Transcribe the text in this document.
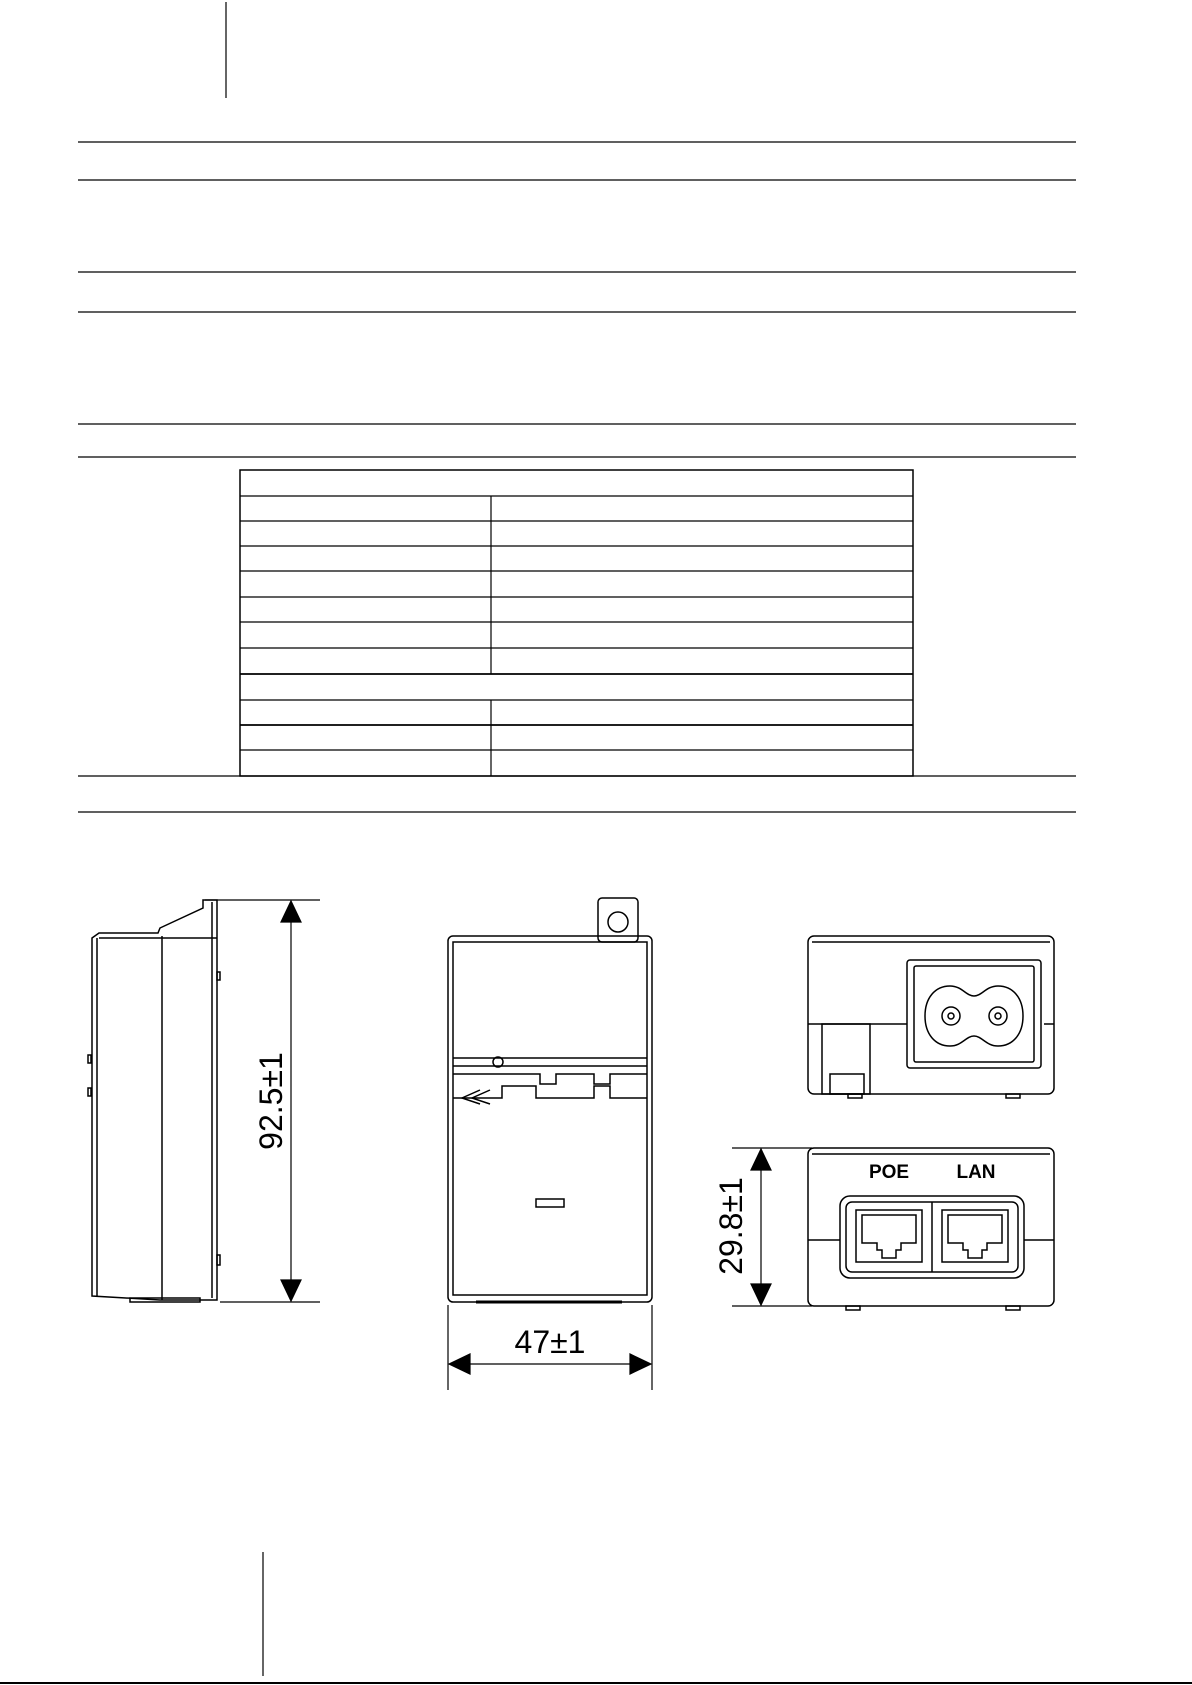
92.5±1
47±1
POE LAN
29.8±1
